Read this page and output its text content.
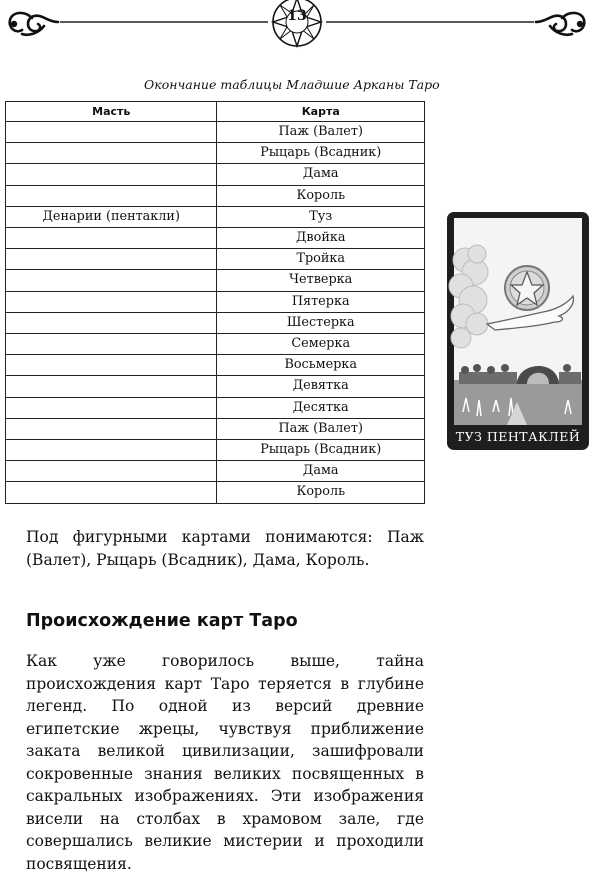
13
Окончание таблицы Младшие Арканы Таро
Масть	Карта
	Паж (Валет)
	Рыцарь (Всадник)
	Дама
	Король
Денарии (пентакли)	Туз
	Двойка
	Тройка
	Четверка
	Пятерка
	Шестерка
	Семерка
	Восьмерка
	Девятка
	Десятка
	Паж (Валет)
	Рыцарь (Всадник)
	Дама
	Король
ТУЗ ПЕНТАКЛЕЙ

Под фигурными картами понимаются: Паж (Валет), Рыцарь (Всадник), Дама, Король.

Происхождение карт Таро

Как уже говорилось выше, тайна происхождения карт Таро теряется в глубине легенд. По одной из версий древние египетские жрецы, чувствуя приближение заката великой цивилизации, зашифровали сокровенные знания великих посвященных в сакральных изображениях. Эти изображения висели на столбах в храмовом зале, где совершались великие мистерии и проходили посвящения.
